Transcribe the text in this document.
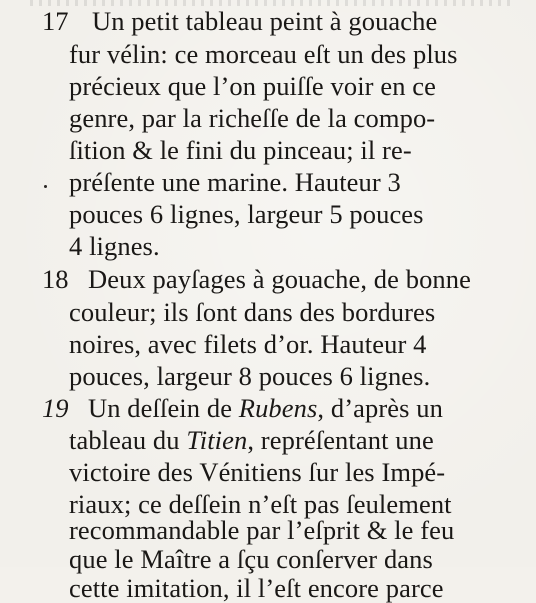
17 Un petit tableau peint à gouache
fur vélin: ce morceau eſt un des plus
précieux que l’on puiſſe voir en ce
genre, par la richeſſe de la compo-
ſition & le fini du pinceau; il re-
préſente une marine. Hauteur 3
pouces 6 lignes, largeur 5 pouces
4 lignes.
18 Deux payſages à gouache, de bonne
couleur; ils ſont dans des bordures
noires, avec filets d’or. Hauteur 4
pouces, largeur 8 pouces 6 lignes.
19 Un deſſein de Rubens, d’après un
tableau du Titien, repréſentant une
victoire des Vénitiens ſur les Impé-
riaux; ce deſſein n’eſt pas ſeulement
recommandable par l’eſprit & le feu
que le Maître a ſçu conſerver dans
cette imitation, il l’eſt encore parce
